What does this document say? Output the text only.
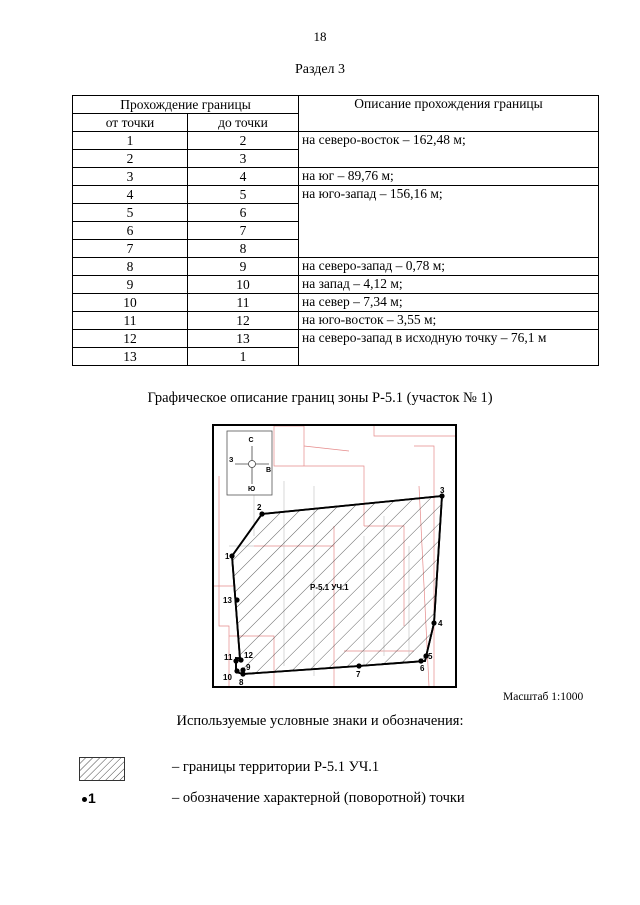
18
Раздел 3
Прохождение границы		Описание прохождения границы
от точки	до точки	
1	2	на северо-восток – 162,48 м;
2	3	
3	4	на юг – 89,76 м;
4	5	на юго-запад – 156,16 м;
5	6	
6	7	
7	8	
8	9	на северо-запад – 0,78 м;
9	10	на запад – 4,12 м;
10	11	на север – 7,34 м;
11	12	на юго-восток – 3,55 м;
12	13	на северо-запад в исходную точку – 76,1 м
13	1	
Графическое описание границ зоны Р-5.1 (участок № 1)
Р-5.1 УЧ.1
С
Ю
З
В
1
2
3
4
5
6
7
8
9
10
11 12
13
Масштаб 1:1000
Используемые условные знаки и обозначения:
– границы территории Р-5.1 УЧ.1
1	– обозначение характерной (поворотной) точки
